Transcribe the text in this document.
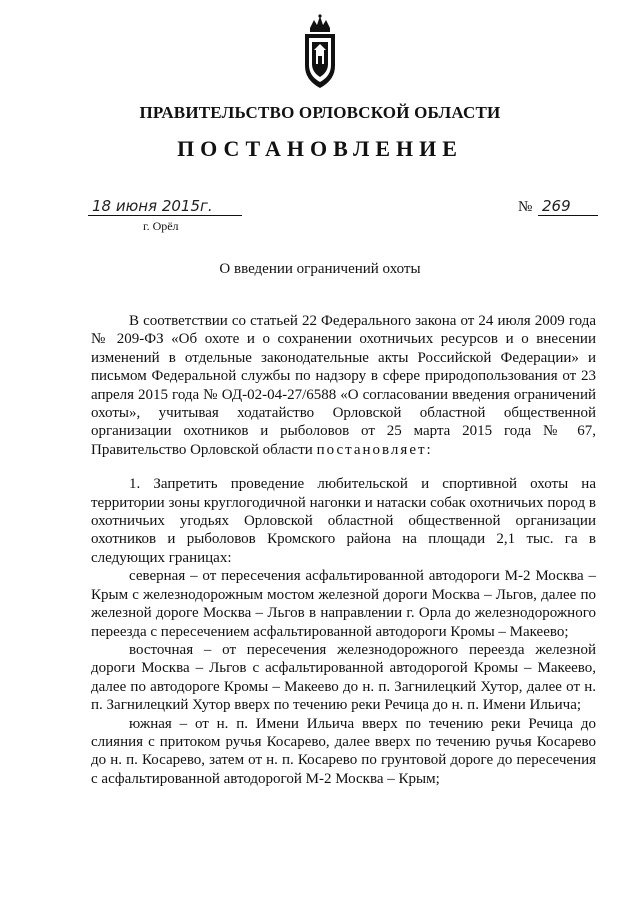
ПРАВИТЕЛЬСТВО ОРЛОВСКОЙ ОБЛАСТИ
ПОСТАНОВЛЕНИЕ
18 июня 2015г.	№ 269
г. Орёл
О введении ограничений охоты

В соответствии со статьей 22 Федерального закона от 24 июля 2009 года № 209-ФЗ «Об охоте и о сохранении охотничьих ресурсов и о внесении изменений в отдельные законодательные акты Российской Федерации» и письмом Федеральной службы по надзору в сфере природопользования от 23 апреля 2015 года № ОД-02-04-27/6588 «О согласовании введения ограничений охоты», учитывая ходатайство Орловской областной общественной организации охотников и рыболовов от 25 марта 2015 года № 67, Правительство Орловской области постановляет:

1. Запретить проведение любительской и спортивной охоты на территории зоны круглогодичной нагонки и натаски собак охотничьих пород в охотничьих угодьях Орловской областной общественной организации охотников и рыболовов Кромского района на площади 2,1 тыс. га в следующих границах:

северная – от пересечения асфальтированной автодороги М-2 Москва – Крым с железнодорожным мостом железной дороги Москва – Льгов, далее по железной дороге Москва – Льгов в направлении г. Орла до железнодорожного переезда с пересечением асфальтированной автодороги Кромы – Макеево;

восточная – от пересечения железнодорожного переезда железной дороги Москва – Льгов с асфальтированной автодорогой Кромы – Макеево, далее по автодороге Кромы – Макеево до н. п. Загнилецкий Хутор, далее от н. п. Загнилецкий Хутор вверх по течению реки Речица до н. п. Имени Ильича;

южная – от н. п. Имени Ильича вверх по течению реки Речица до слияния с притоком ручья Косарево, далее вверх по течению ручья Косарево до н. п. Косарево, затем от н. п. Косарево по грунтовой дороге до пересечения с асфальтированной автодорогой М-2 Москва – Крым;
